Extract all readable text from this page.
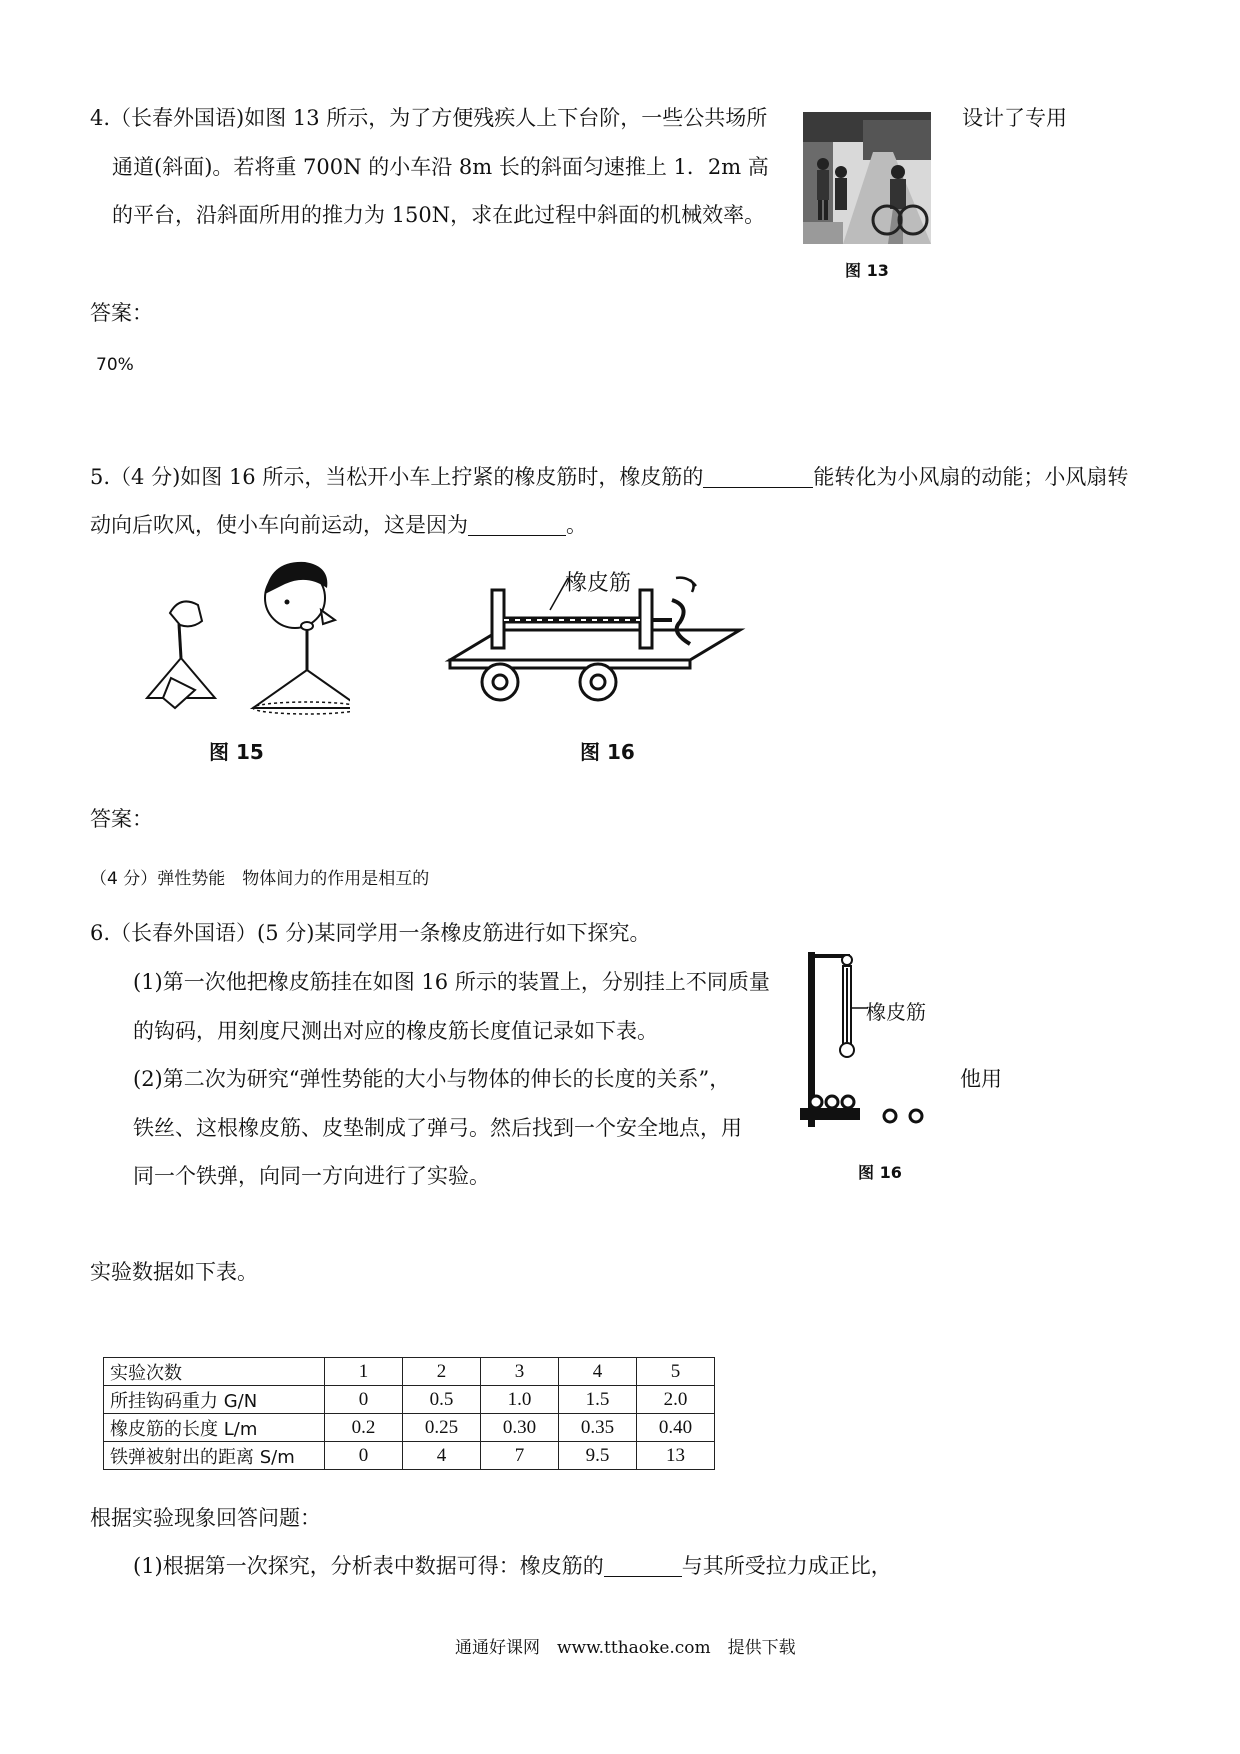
4.（长春外国语)如图 13 所示，为了方便残疾人上下台阶，一些公共场所	设计了专用
通道(斜面)。若将重 700N 的小车沿 8m 长的斜面匀速推上 1．2m 高
的平台，沿斜面所用的推力为 150N，求在此过程中斜面的机械效率。
图 13
答案：
70%
5.（4 分)如图 16 所示，当松开小车上拧紧的橡皮筋时，橡皮筋的	能转化为小风扇的动能；小风扇转
动向后吹风，使小车向前运动，这是因为	。
图 15
橡皮筋
图 16
答案：
（4 分）弹性势能　物体间力的作用是相互的
6.（长春外国语）(5 分)某同学用一条橡皮筋进行如下探究。
(1)第一次他把橡皮筋挂在如图 16 所示的装置上，分别挂上不同质量
的钩码，用刻度尺测出对应的橡皮筋长度值记录如下表。
(2)第二次为研究“弹性势能的大小与物体的伸长的长度的关系”，	他用
铁丝、这根橡皮筋、皮垫制成了弹弓。然后找到一个安全地点，用
同一个铁弹，向同一方向进行了实验。
橡皮筋
图 16
实验数据如下表。
实验次数	1	2	3	4	5
所挂钩码重力 G/N	0	0.5	1.0	1.5	2.0
橡皮筋的长度 L/m	0.2	0.25	0.30	0.35	0.40
铁弹被射出的距离 S/m	0	4	7	9.5	13
根据实验现象回答问题：
(1)根据第一次探究，分析表中数据可得：橡皮筋的	与其所受拉力成正比，
通通好课网　www.tthaoke.com　提供下载
